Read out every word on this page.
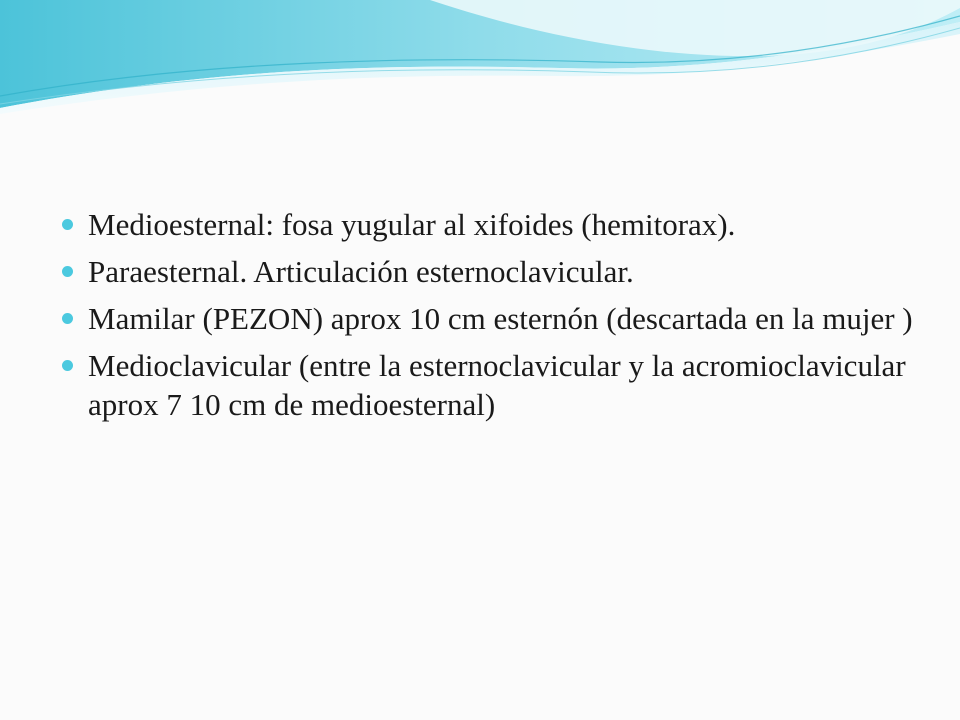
Medioesternal: fosa yugular al xifoides (hemitorax).
Paraesternal. Articulación esternoclavicular.
Mamilar (PEZON) aprox 10 cm esternón (descartada en la mujer )
Medioclavicular (entre la esternoclavicular y la acromioclavicular aprox 7 10 cm de medioesternal)
